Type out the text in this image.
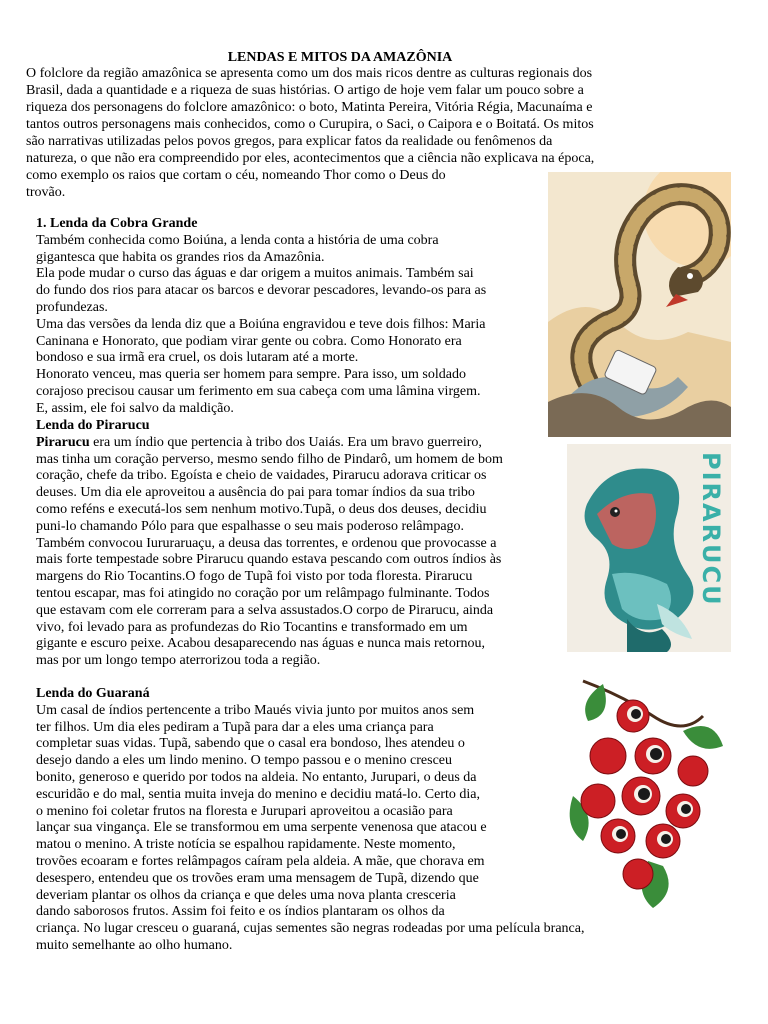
LENDAS E MITOS DA AMAZÔNIA
O folclore da região amazônica se apresenta como um dos mais ricos dentre as culturas regionais dos
Brasil, dada a quantidade e a riqueza de suas histórias. O artigo de hoje vem falar um pouco sobre a
riqueza dos personagens do folclore amazônico: o boto, Matinta Pereira, Vitória Régia, Macunaíma e
tantos outros personagens mais conhecidos, como o Curupira, o Saci, o Caipora e o Boitatá. Os mitos
são narrativas utilizadas pelos povos gregos, para explicar fatos da realidade ou fenômenos da
natureza, o que não era compreendido por eles, acontecimentos que a ciência não explicava na época,
como exemplo os raios que cortam o céu, nomeando Thor como o Deus do
trovão.
1. Lenda da Cobra Grande

Também conhecida como Boiúna, a lenda conta a história de uma cobra

gigantesca que habita os grandes rios da Amazônia.

Ela pode mudar o curso das águas e dar origem a muitos animais. Também sai

do fundo dos rios para atacar os barcos e devorar pescadores, levando-os para as

profundezas.

Uma das versões da lenda diz que a Boiúna engravidou e teve dois filhos: Maria

Caninana e Honorato, que podiam virar gente ou cobra. Como Honorato era

bondoso e sua irmã era cruel, os dois lutaram até a morte.

Honorato venceu, mas queria ser homem para sempre. Para isso, um soldado

corajoso precisou causar um ferimento em sua cabeça com uma lâmina virgem.

E, assim, ele foi salvo da maldição.

Lenda do Pirarucu

Pirarucu era um índio que pertencia à tribo dos Uaiás. Era um bravo guerreiro,

mas tinha um coração perverso, mesmo sendo filho de Pindarô, um homem de bom

coração, chefe da tribo. Egoísta e cheio de vaidades, Pirarucu adorava criticar os

deuses. Um dia ele aproveitou a ausência do pai para tomar índios da sua tribo

como reféns e executá-los sem nenhum motivo.Tupã, o deus dos deuses, decidiu

puni-lo chamando Pólo para que espalhasse o seu mais poderoso relâmpago.

Também convocou Iururaruaçu, a deusa das torrentes, e ordenou que provocasse a

mais forte tempestade sobre Pirarucu quando estava pescando com outros índios às

margens do Rio Tocantins.O fogo de Tupã foi visto por toda floresta. Pirarucu

tentou escapar, mas foi atingido no coração por um relâmpago fulminante. Todos

que estavam com ele correram para a selva assustados.O corpo de Pirarucu, ainda

vivo, foi levado para as profundezas do Rio Tocantins e transformado em um

gigante e escuro peixe. Acabou desaparecendo nas águas e nunca mais retornou,

mas por um longo tempo aterrorizou toda a região.

Lenda do Guaraná

Um casal de índios pertencente a tribo Maués vivia junto por muitos anos sem

ter filhos. Um dia eles pediram a Tupã para dar a eles uma criança para

completar suas vidas. Tupã, sabendo que o casal era bondoso, lhes atendeu o

desejo dando a eles um lindo menino. O tempo passou e o menino cresceu

bonito, generoso e querido por todos na aldeia. No entanto, Jurupari, o deus da

escuridão e do mal, sentia muita inveja do menino e decidiu matá-lo. Certo dia,

o menino foi coletar frutos na floresta e Jurupari aproveitou a ocasião para

lançar sua vingança. Ele se transformou em uma serpente venenosa que atacou e

matou o menino. A triste notícia se espalhou rapidamente. Neste momento,

trovões ecoaram e fortes relâmpagos caíram pela aldeia. A mãe, que chorava em

desespero, entendeu que os trovões eram uma mensagem de Tupã, dizendo que

deveriam plantar os olhos da criança e que deles uma nova planta cresceria

dando saborosos frutos. Assim foi feito e os índios plantaram os olhos da

criança. No lugar cresceu o guaraná, cujas sementes são negras rodeadas por uma película branca,

muito semelhante ao olho humano.

PIRARUCU
